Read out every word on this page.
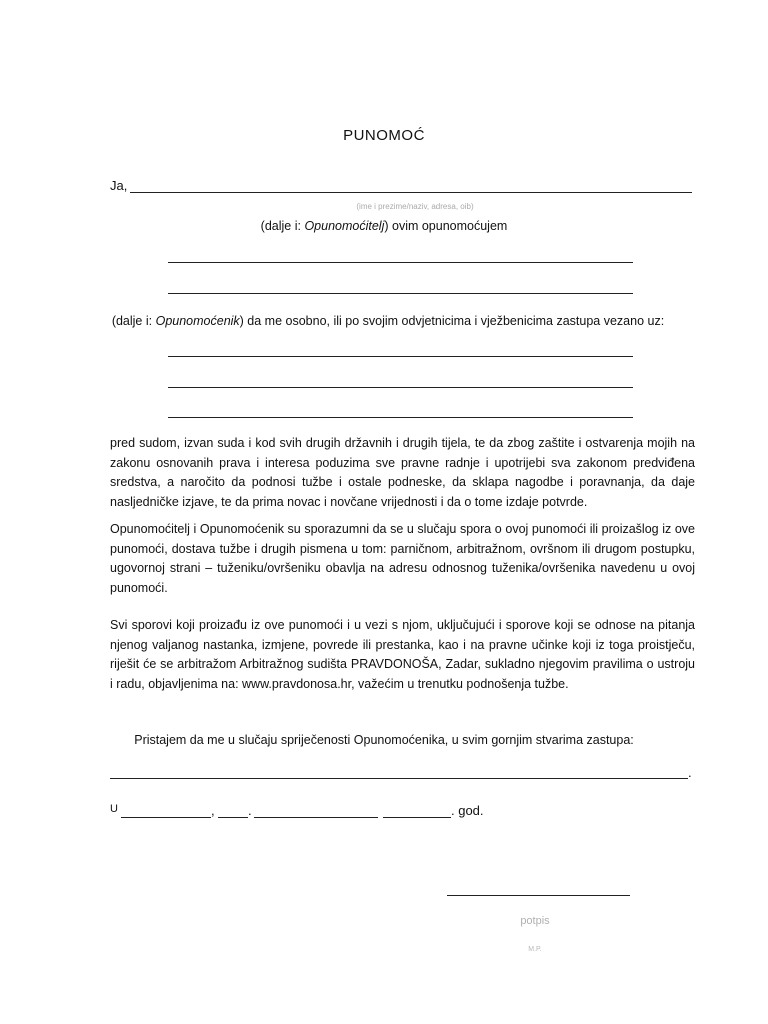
PUNOMOĆ
Ja,
(ime i prezime/naziv, adresa, oib)
(dalje i: Opunomoćitelj) ovim opunomoćujem
(dalje i: Opunomoćenik) da me osobno, ili po svojim odvjetnicima i vježbenicima zastupa vezano uz:
pred sudom, izvan suda i kod svih drugih državnih i drugih tijela, te da zbog zaštite i ostvarenja mojih na zakonu osnovanih prava i interesa poduzima sve pravne radnje i upotrijebi sva zakonom predviđena sredstva, a naročito da podnosi tužbe i ostale podneske, da sklapa nagodbe i poravnanja, da daje nasljedničke izjave, te da prima novac i novčane vrijednosti i da o tome izdaje potvrde.
Opunomoćitelj i Opunomoćenik su sporazumni da se u slučaju spora o ovoj punomoći ili proizašlog iz ove punomoći, dostava tužbe i drugih pismena u tom: parničnom, arbitražnom, ovršnom ili drugom postupku, ugovornoj strani – tuženiku/ovršeniku obavlja na adresu odnosnog tuženika/ovršenika navedenu u ovoj punomoći.
Svi sporovi koji proizađu iz ove punomoći i u vezi s njom, uključujući i sporove koji se odnose na pitanja njenog valjanog nastanka, izmjene, povrede ili prestanka, kao i na pravne učinke koji iz toga proistječu, riješit će se arbitražom Arbitražnog sudišta PRAVDONOŠA, Zadar, sukladno njegovim pravilima o ustroju i radu, objavljenima na: www.pravdonosa.hr, važećim u trenutku podnošenja tužbe.
Pristajem da me u slučaju spriječenosti Opunomoćenika, u svim gornjim stvarima zastupa:
.
U	,	.	. god.
potpis
M.P.
